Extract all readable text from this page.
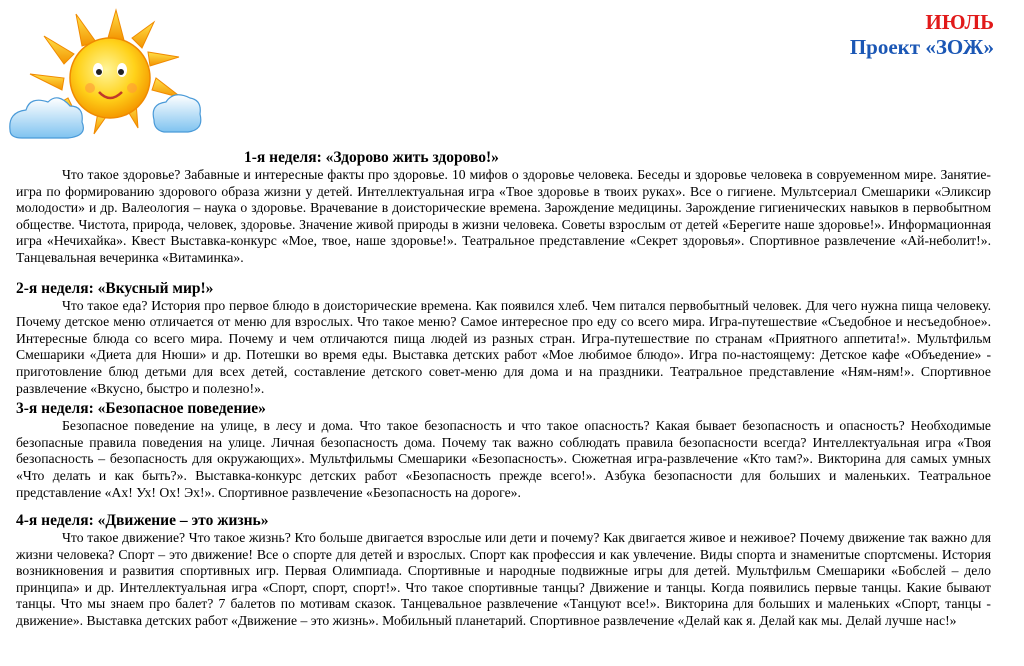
ИЮЛЬ
Проект «ЗОЖ»
1-я неделя: «Здорово жить здорово!»

Что такое здоровье? Забавные и интересные факты про здоровье. 10 мифов о здоровье человека. Беседы и здоровье человека в совруеменном мире. Занятие-игра по формированию здорового образа жизни у детей. Интеллектуальная игра «Твое здоровье в твоих руках». Все о гигиене. Мультсериал Смешарики «Эликсир молодости» и др. Валеология – наука о здоровье. Врачевание в доисторические времена. Зарождение медицины. Зарождение гигиенических навыков в первобытном обществе. Чистота, природа, человек, здоровье. Значение живой природы в жизни человека. Советы взрослым от детей «Берегите наше здоровье!». Информационная игра «Нечихайка». Квест Выставка-конкурс «Мое, твое, наше здоровье!». Театральное представление «Секрет здоровья». Спортивное развлечение «Ай-неболит!». Танцевальная вечеринка «Витаминка».

2-я неделя: «Вкусный мир!»

Что такое еда? История про первое блюдо в доисторические времена. Как появился хлеб. Чем питался первобытный человек. Для чего нужна пища человеку. Почему детское меню отличается от меню для взрослых. Что такое меню? Самое интересное про еду со всего мира. Игра-путешествие «Съедобное и несъедобное». Интересные блюда со всего мира. Почему и чем отличаются пища людей из разных стран. Игра-путешествие по странам «Приятного аппетита!». Мультфильм Смешарики «Диета для Нюши» и др. Потешки во время еды. Выставка детских работ «Мое любимое блюдо». Игра по-настоящему: Детское кафе «Объедение» - приготовление блюд детьми для всех детей, составление детского совет-меню для дома и на праздники. Театральное представление «Ням-ням!». Спортивное развлечение «Вкусно, быстро и полезно!».

3-я неделя: «Безопасное поведение»

Безопасное поведение на улице, в лесу и дома. Что такое безопасность и что такое опасность? Какая бывает безопасность и опасность? Необходимые безопасные правила поведения на улице. Личная безопасность дома. Почему так важно соблюдать правила безопасности всегда? Интеллектуальная игра «Твоя безопасность – безопасность для окружающих». Мультфильмы Смешарики «Безопасность». Сюжетная игра-развлечение «Кто там?». Викторина для самых умных «Что делать и как быть?». Выставка-конкурс детских работ «Безопасность прежде всего!». Азбука безопасности для больших и маленьких. Театральное представление «Ах! Ух! Ох! Эх!». Спортивное развлечение «Безопасность на дороге».

4-я неделя: «Движение – это жизнь»

Что такое движение? Что такое жизнь? Кто больше двигается взрослые или дети и почему? Как двигается живое и неживое? Почему движение так важно для жизни человека? Спорт – это движение! Все о спорте для детей и взрослых. Спорт как профессия и как увлечение. Виды спорта и знаменитые спортсмены. История возникновения и развития спортивных игр. Первая Олимпиада. Спортивные и народные подвижные игры для детей. Мультфильм Смешарики «Бобслей – дело принципа» и др. Интеллектуальная игра «Спорт, спорт, спорт!». Что такое спортивные танцы? Движение и танцы. Когда появились первые танцы. Какие бывают танцы. Что мы знаем про балет? 7 балетов по мотивам сказок. Танцевальное развлечение «Танцуют все!». Викторина для больших и маленьких «Спорт, танцы - движение». Выставка детских работ «Движение – это жизнь». Мобильный планетарий. Спортивное развлечение «Делай как я. Делай как мы. Делай лучше нас!»
